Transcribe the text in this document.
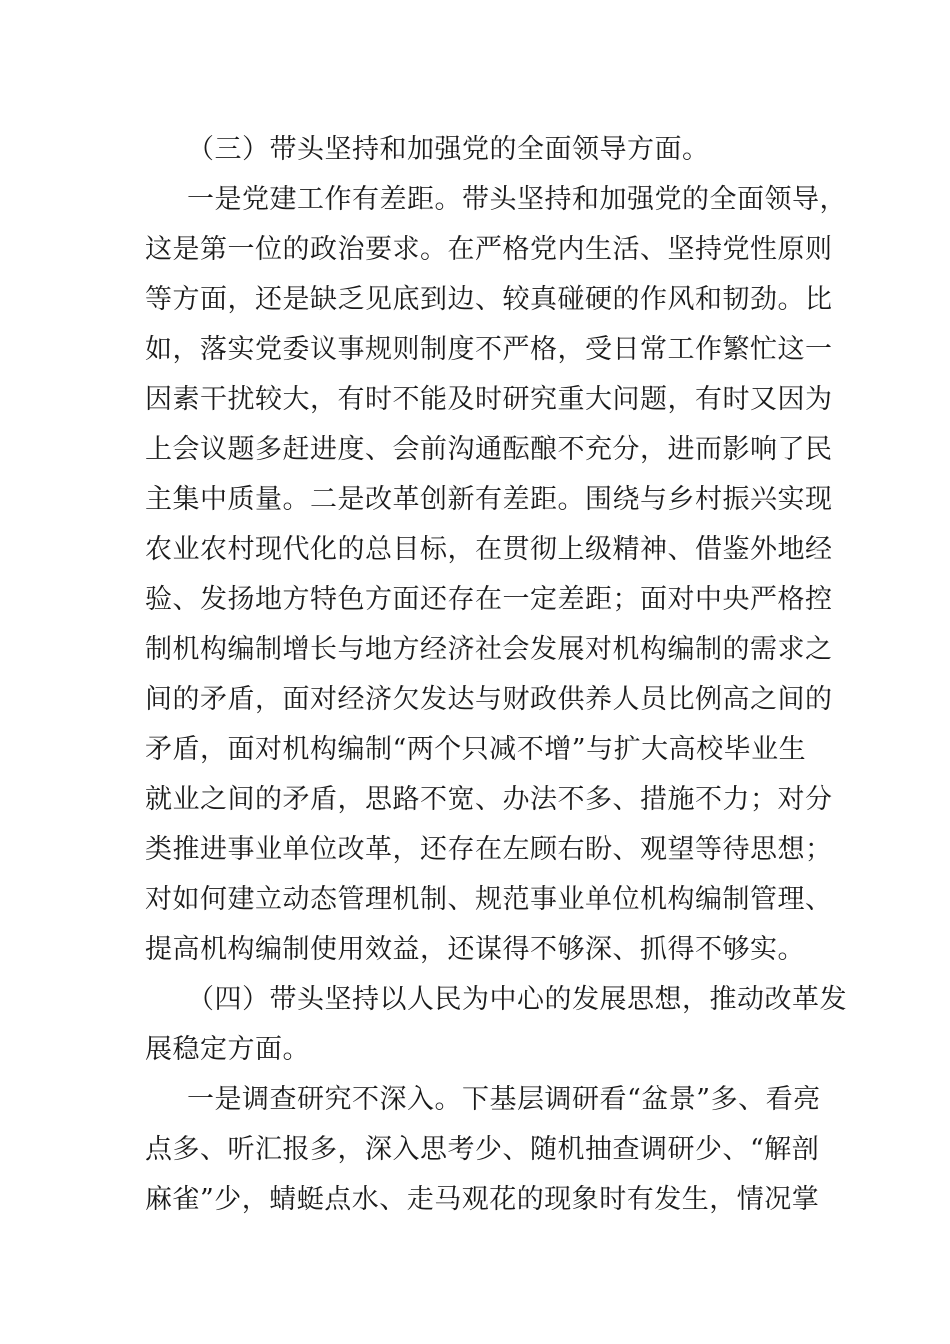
（三）带头坚持和加强党的全面领导方面。
一是党建工作有差距。带头坚持和加强党的全面领导，
这是第一位的政治要求。在严格党内生活、坚持党性原则
等方面，还是缺乏见底到边、较真碰硬的作风和韧劲。比
如，落实党委议事规则制度不严格，受日常工作繁忙这一
因素干扰较大，有时不能及时研究重大问题，有时又因为
上会议题多赶进度、会前沟通酝酿不充分，进而影响了民
主集中质量。二是改革创新有差距。围绕与乡村振兴实现
农业农村现代化的总目标，在贯彻上级精神、借鉴外地经
验、发扬地方特色方面还存在一定差距；面对中央严格控
制机构编制增长与地方经济社会发展对机构编制的需求之
间的矛盾，面对经济欠发达与财政供养人员比例高之间的
矛盾，面对机构编制“两个只减不增”与扩大高校毕业生
就业之间的矛盾，思路不宽、办法不多、措施不力；对分
类推进事业单位改革，还存在左顾右盼、观望等待思想；
对如何建立动态管理机制、规范事业单位机构编制管理、
提高机构编制使用效益，还谋得不够深、抓得不够实。
（四）带头坚持以人民为中心的发展思想，推动改革发
展稳定方面。
一是调查研究不深入。下基层调研看“盆景”多、看亮
点多、听汇报多，深入思考少、随机抽查调研少、“解剖
麻雀”少，蜻蜓点水、走马观花的现象时有发生，情况掌
